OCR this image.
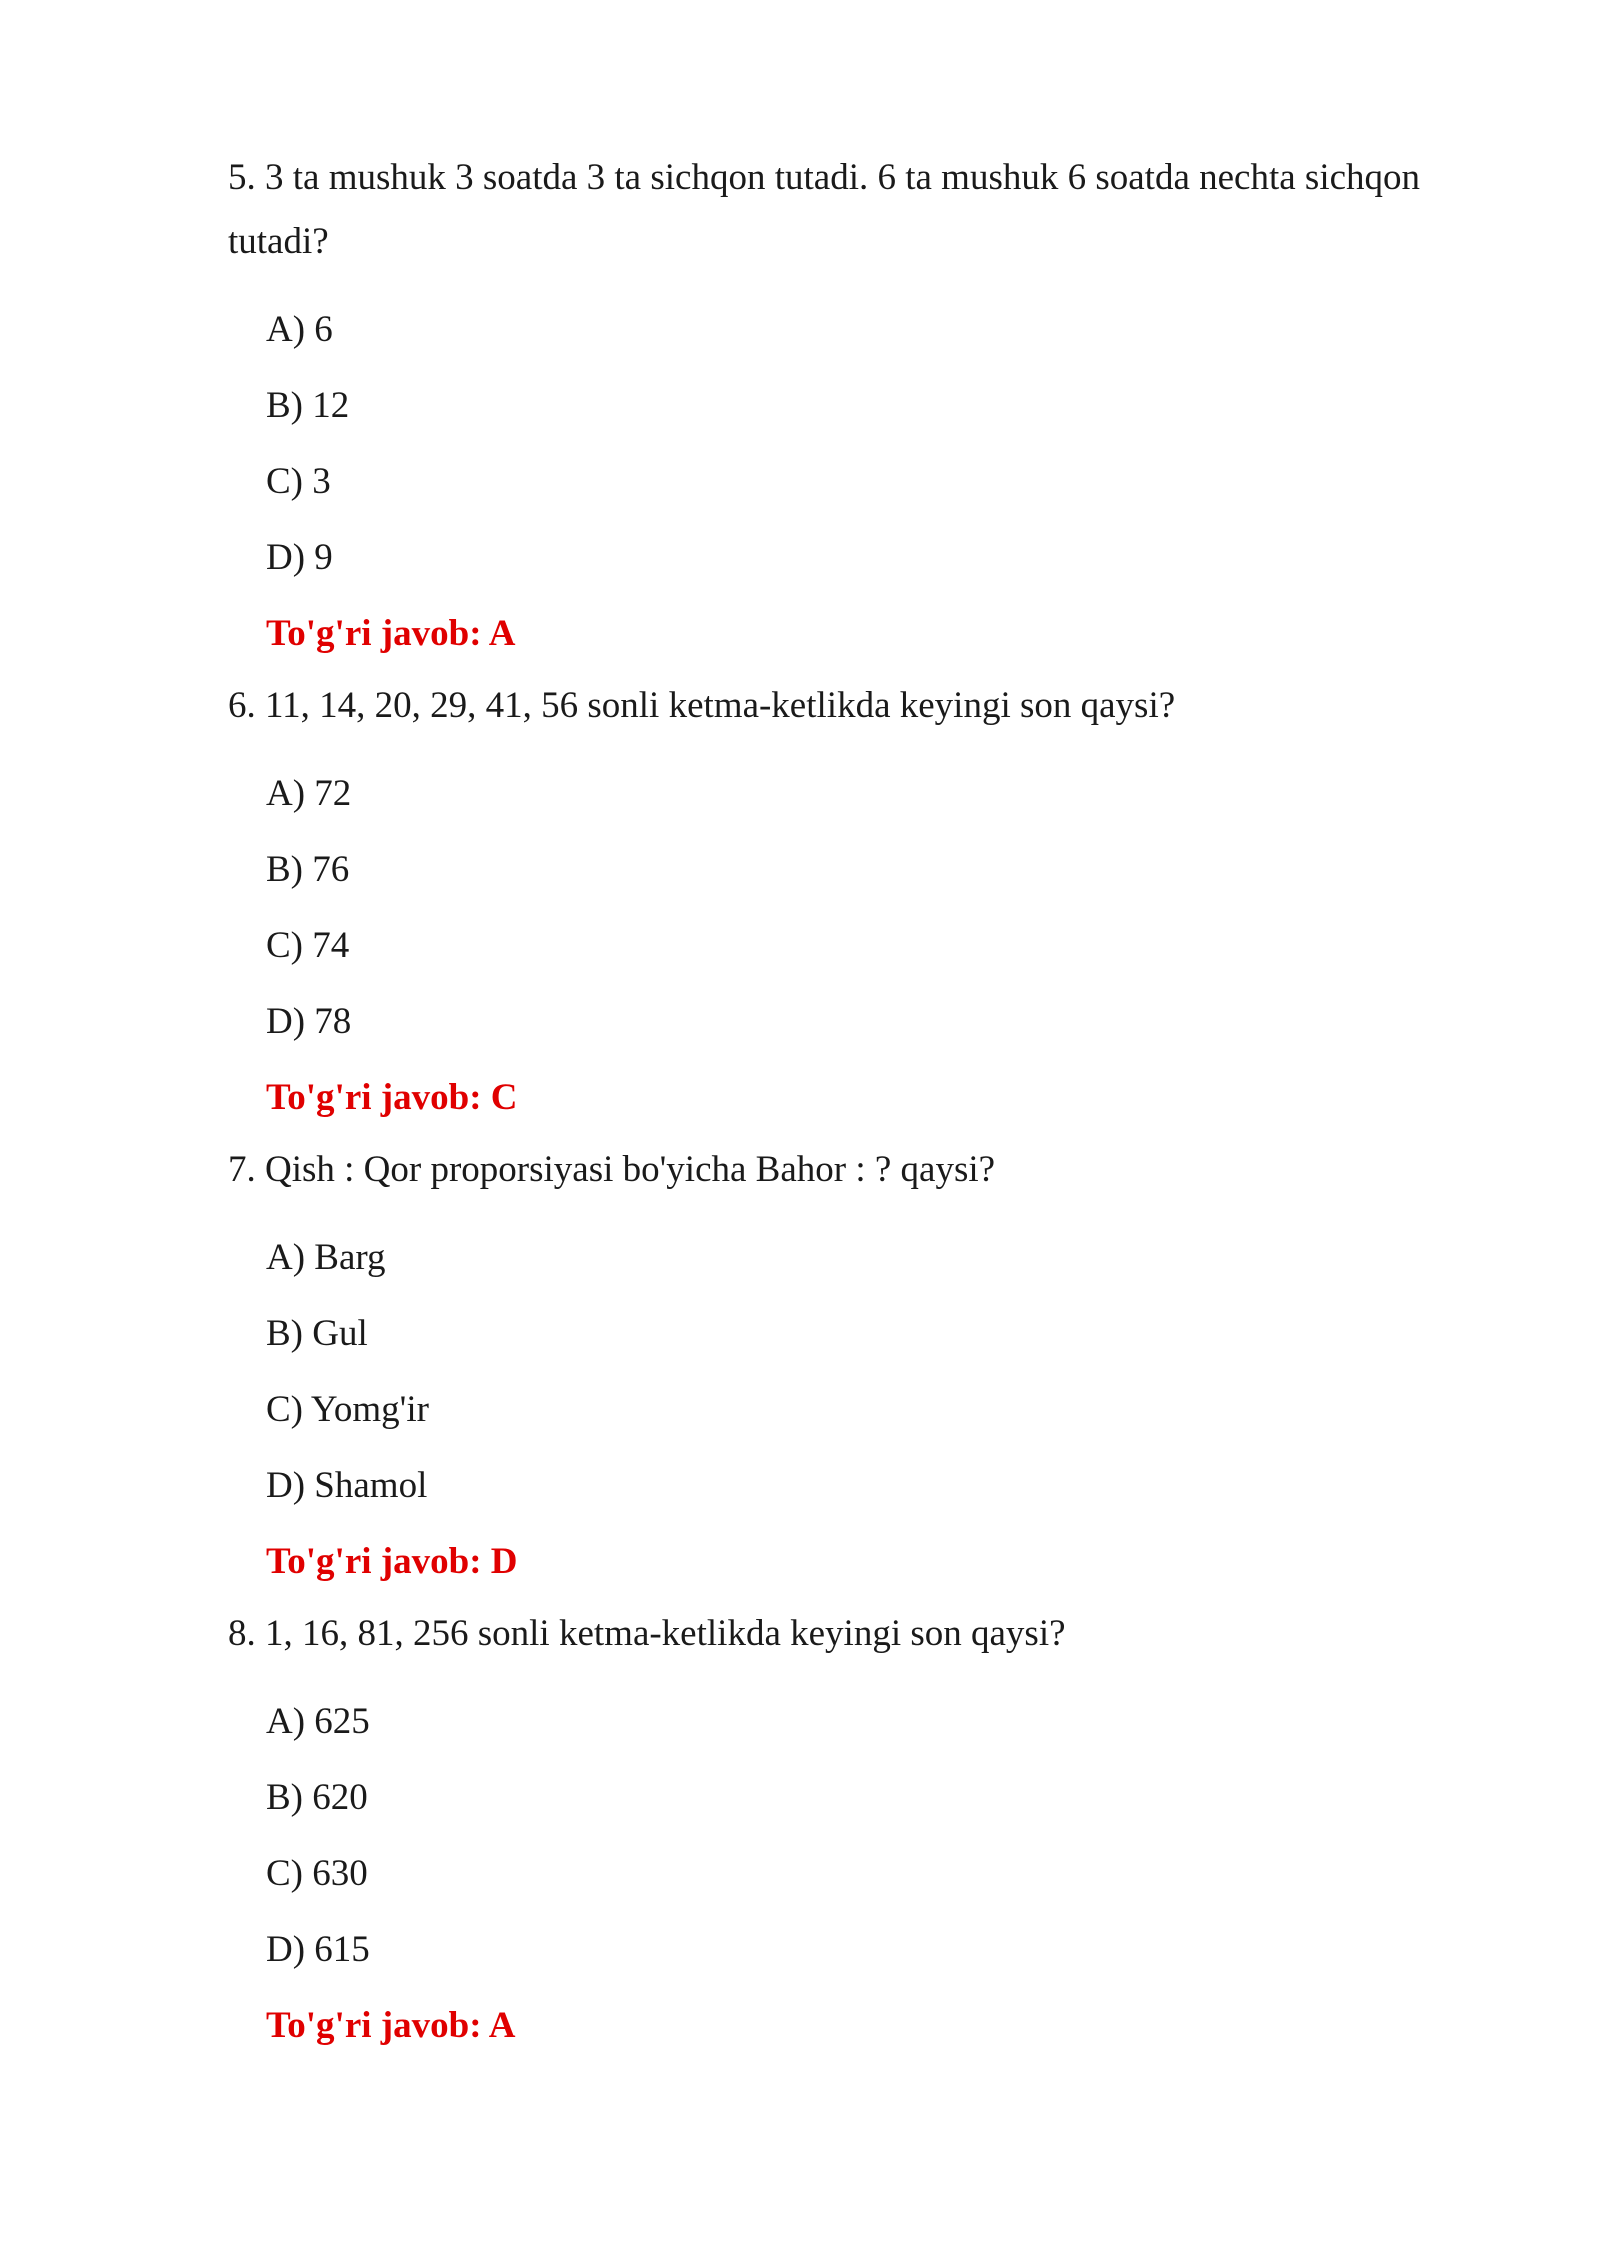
5. 3 ta mushuk 3 soatda 3 ta sichqon tutadi. 6 ta mushuk 6 soatda nechta sichqon tutadi?

A) 6
B) 12
C) 3
D) 9
To'g'ri javob: A

6. 11, 14, 20, 29, 41, 56 sonli ketma-ketlikda keyingi son qaysi?

A) 72
B) 76
C) 74
D) 78
To'g'ri javob: C

7. Qish : Qor proporsiyasi bo'yicha Bahor : ? qaysi?

A) Barg
B) Gul
C) Yomg'ir
D) Shamol
To'g'ri javob: D

8. 1, 16, 81, 256 sonli ketma-ketlikda keyingi son qaysi?

A) 625
B) 620
C) 630
D) 615
To'g'ri javob: A
